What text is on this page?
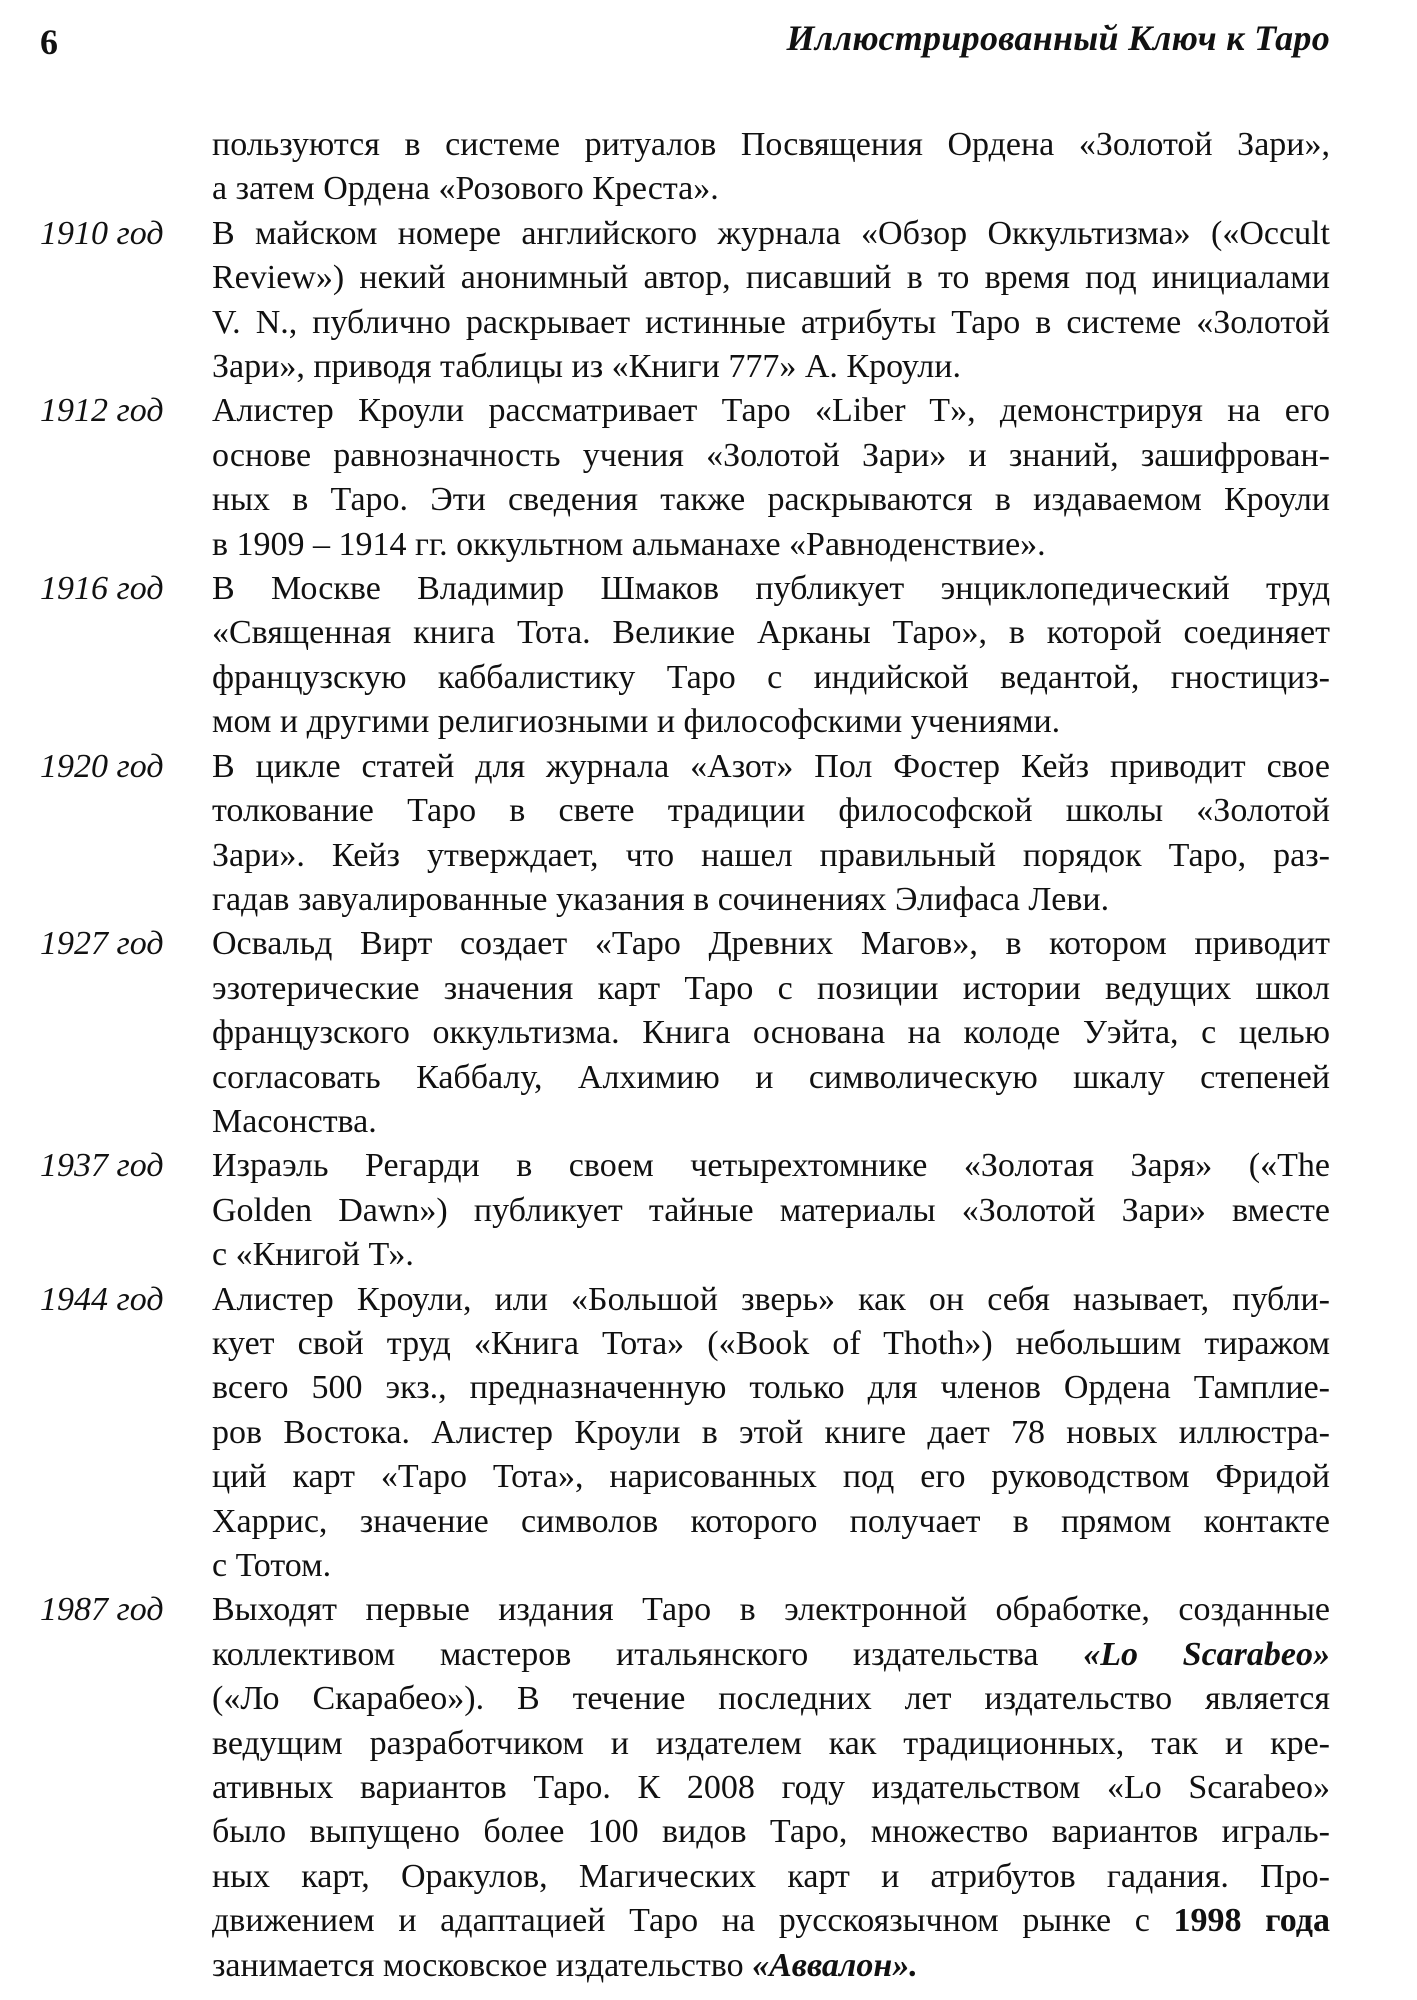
6	Иллюстрированный Ключ к Таро
пользуются в системе ритуалов Посвящения Ордена «Золотой Зари»,
а затем Ордена «Розового Креста».
1910 год	В майском номере английского журнала «Обзор Оккультизма» («Occult
Review») некий анонимный автор, писавший в то время под инициалами
V. N., публично раскрывает истинные атрибуты Таро в системе «Золотой
Зари», приводя таблицы из «Книги 777» А. Кроули.
1912 год	Алистер Кроули рассматривает Таро «Liber T», демонстрируя на его
основе равнозначность учения «Золотой Зари» и знаний, зашифрован-
ных в Таро. Эти сведения также раскрываются в издаваемом Кроули
в 1909 – 1914 гг. оккультном альманахе «Равноденствие».
1916 год	В Москве Владимир Шмаков публикует энциклопедический труд
«Священная книга Тота. Великие Арканы Таро», в которой соединяет
французскую каббалистику Таро с индийской ведантой, гностициз-
мом и другими религиозными и философскими учениями.
1920 год	В цикле статей для журнала «Азот» Пол Фостер Кейз приводит свое
толкование Таро в свете традиции философской школы «Золотой
Зари». Кейз утверждает, что нашел правильный порядок Таро, раз-
гадав завуалированные указания в сочинениях Элифаса Леви.
1927 год	Освальд Вирт создает «Таро Древних Магов», в котором приводит
эзотерические значения карт Таро с позиции истории ведущих школ
французского оккультизма. Книга основана на колоде Уэйта, с целью
согласовать Каббалу, Алхимию и символическую шкалу степеней
Масонства.
1937 год	Израэль Регарди в своем четырехтомнике «Золотая Заря» («The
Golden Dawn») публикует тайные материалы «Золотой Зари» вместе
с «Книгой Т».
1944 год	Алистер Кроули, или «Большой зверь» как он себя называет, публи-
кует свой труд «Книга Тота» («Book of Thoth») небольшим тиражом
всего 500 экз., предназначенную только для членов Ордена Тамплие-
ров Востока. Алистер Кроули в этой книге дает 78 новых иллюстра-
ций карт «Таро Тота», нарисованных под его руководством Фридой
Харрис, значение символов которого получает в прямом контакте
с Тотом.
1987 год	Выходят первые издания Таро в электронной обработке, созданные
коллективом мастеров итальянского издательства «Lo Scarabeo»
(«Ло Скарабео»). В течение последних лет издательство является
ведущим разработчиком и издателем как традиционных, так и кре-
ативных вариантов Таро. К 2008 году издательством «Lo Scarabeo»
было выпущено более 100 видов Таро, множество вариантов играль-
ных карт, Оракулов, Магических карт и атрибутов гадания. Про-
движением и адаптацией Таро на русскоязычном рынке с 1998 года
занимается московское издательство «Аввалон».
